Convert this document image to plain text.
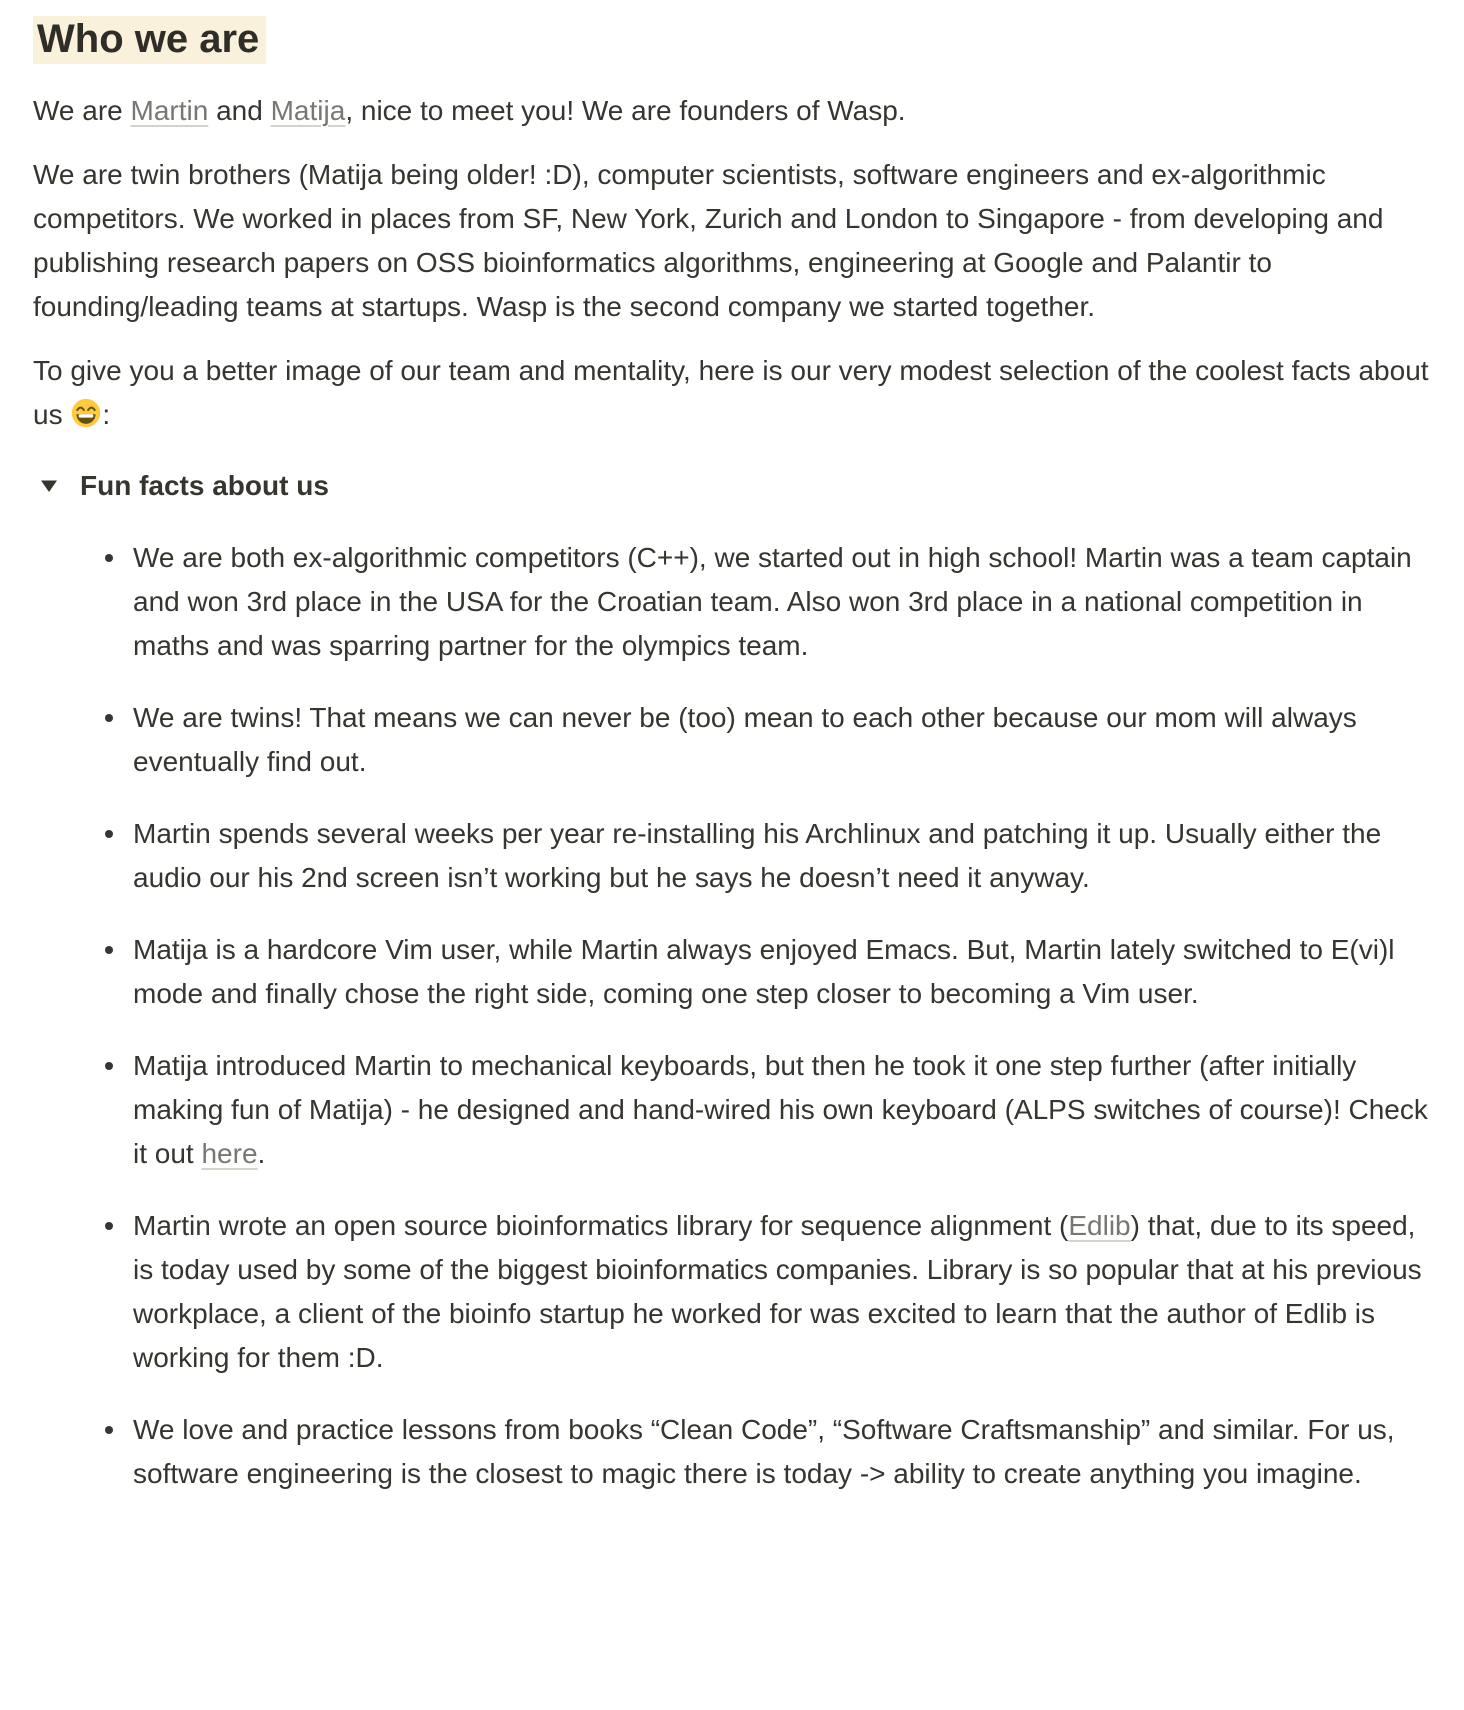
Who we are

We are Martin and Matija, nice to meet you! We are founders of Wasp.

We are twin brothers (Matija being older! :D), computer scientists, software engineers and ex-algorithmic competitors. We worked in places from SF, New York, Zurich and London to Singapore - from developing and publishing research papers on OSS bioinformatics algorithms, engineering at Google and Palantir to founding/leading teams at startups. Wasp is the second company we started together.

To give you a better image of our team and mentality, here is our very modest selection of the coolest facts about us
:

Fun facts about us
We are both ex-algorithmic competitors (C++), we started out in high school! Martin was a team captain and won 3rd place in the USA for the Croatian team. Also won 3rd place in a national competition in maths and was sparring partner for the olympics team.
We are twins! That means we can never be (too) mean to each other because our mom will always eventually find out.
Martin spends several weeks per year re-installing his Archlinux and patching it up. Usually either the audio our his 2nd screen isn’t working but he says he doesn’t need it anyway.
Matija is a hardcore Vim user, while Martin always enjoyed Emacs. But, Martin lately switched to E(vi)l mode and finally chose the right side, coming one step closer to becoming a Vim user.
Matija introduced Martin to mechanical keyboards, but then he took it one step further (after initially making fun of Matija) - he designed and hand-wired his own keyboard (ALPS switches of course)! Check it out here.
Martin wrote an open source bioinformatics library for sequence alignment (Edlib) that, due to its speed, is today used by some of the biggest bioinformatics companies. Library is so popular that at his previous workplace, a client of the bioinfo startup he worked for was excited to learn that the author of Edlib is working for them :D.
We love and practice lessons from books “Clean Code”, “Software Craftsmanship” and similar. For us, software engineering is the closest to magic there is today -> ability to create anything you imagine.
